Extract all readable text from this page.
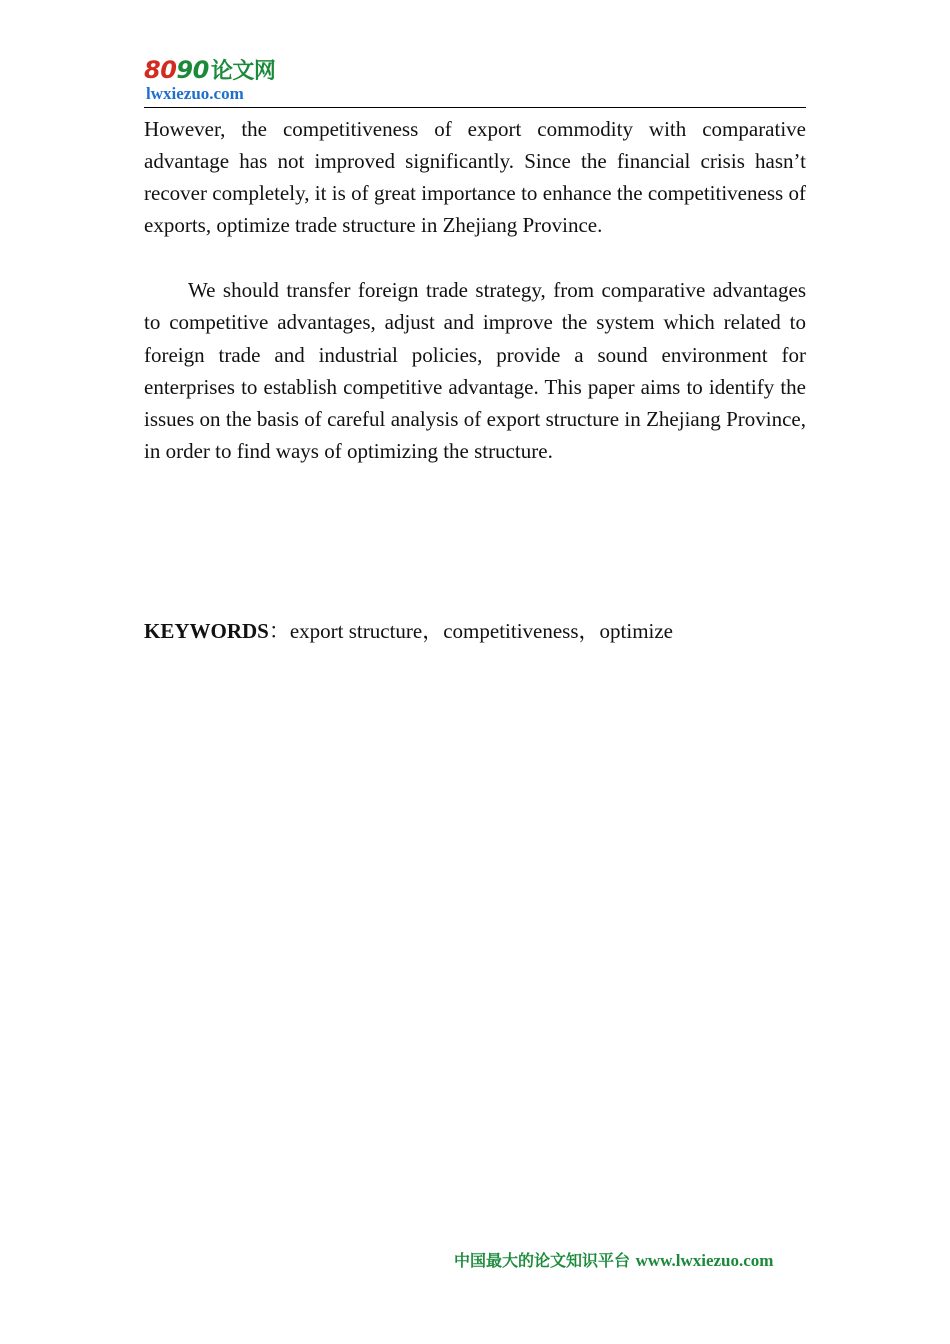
8090论文网
lwxiezuo.com

However, the competitiveness of export commodity with comparative advantage has not improved significantly. Since the financial crisis hasn’t recover completely, it is of great importance to enhance the competitiveness of exports, optimize trade structure in Zhejiang Province.

We should transfer foreign trade strategy, from comparative advantages to competitive advantages, adjust and improve the system which related to foreign trade and industrial policies, provide a sound environment for enterprises to establish competitive advantage. This paper aims to identify the issues on the basis of careful analysis of export structure in Zhejiang Province, in order to find ways of optimizing the structure.

KEYWORDS：export structure，competitiveness，optimize
中国最大的论文知识平台 www.lwxiezuo.com
